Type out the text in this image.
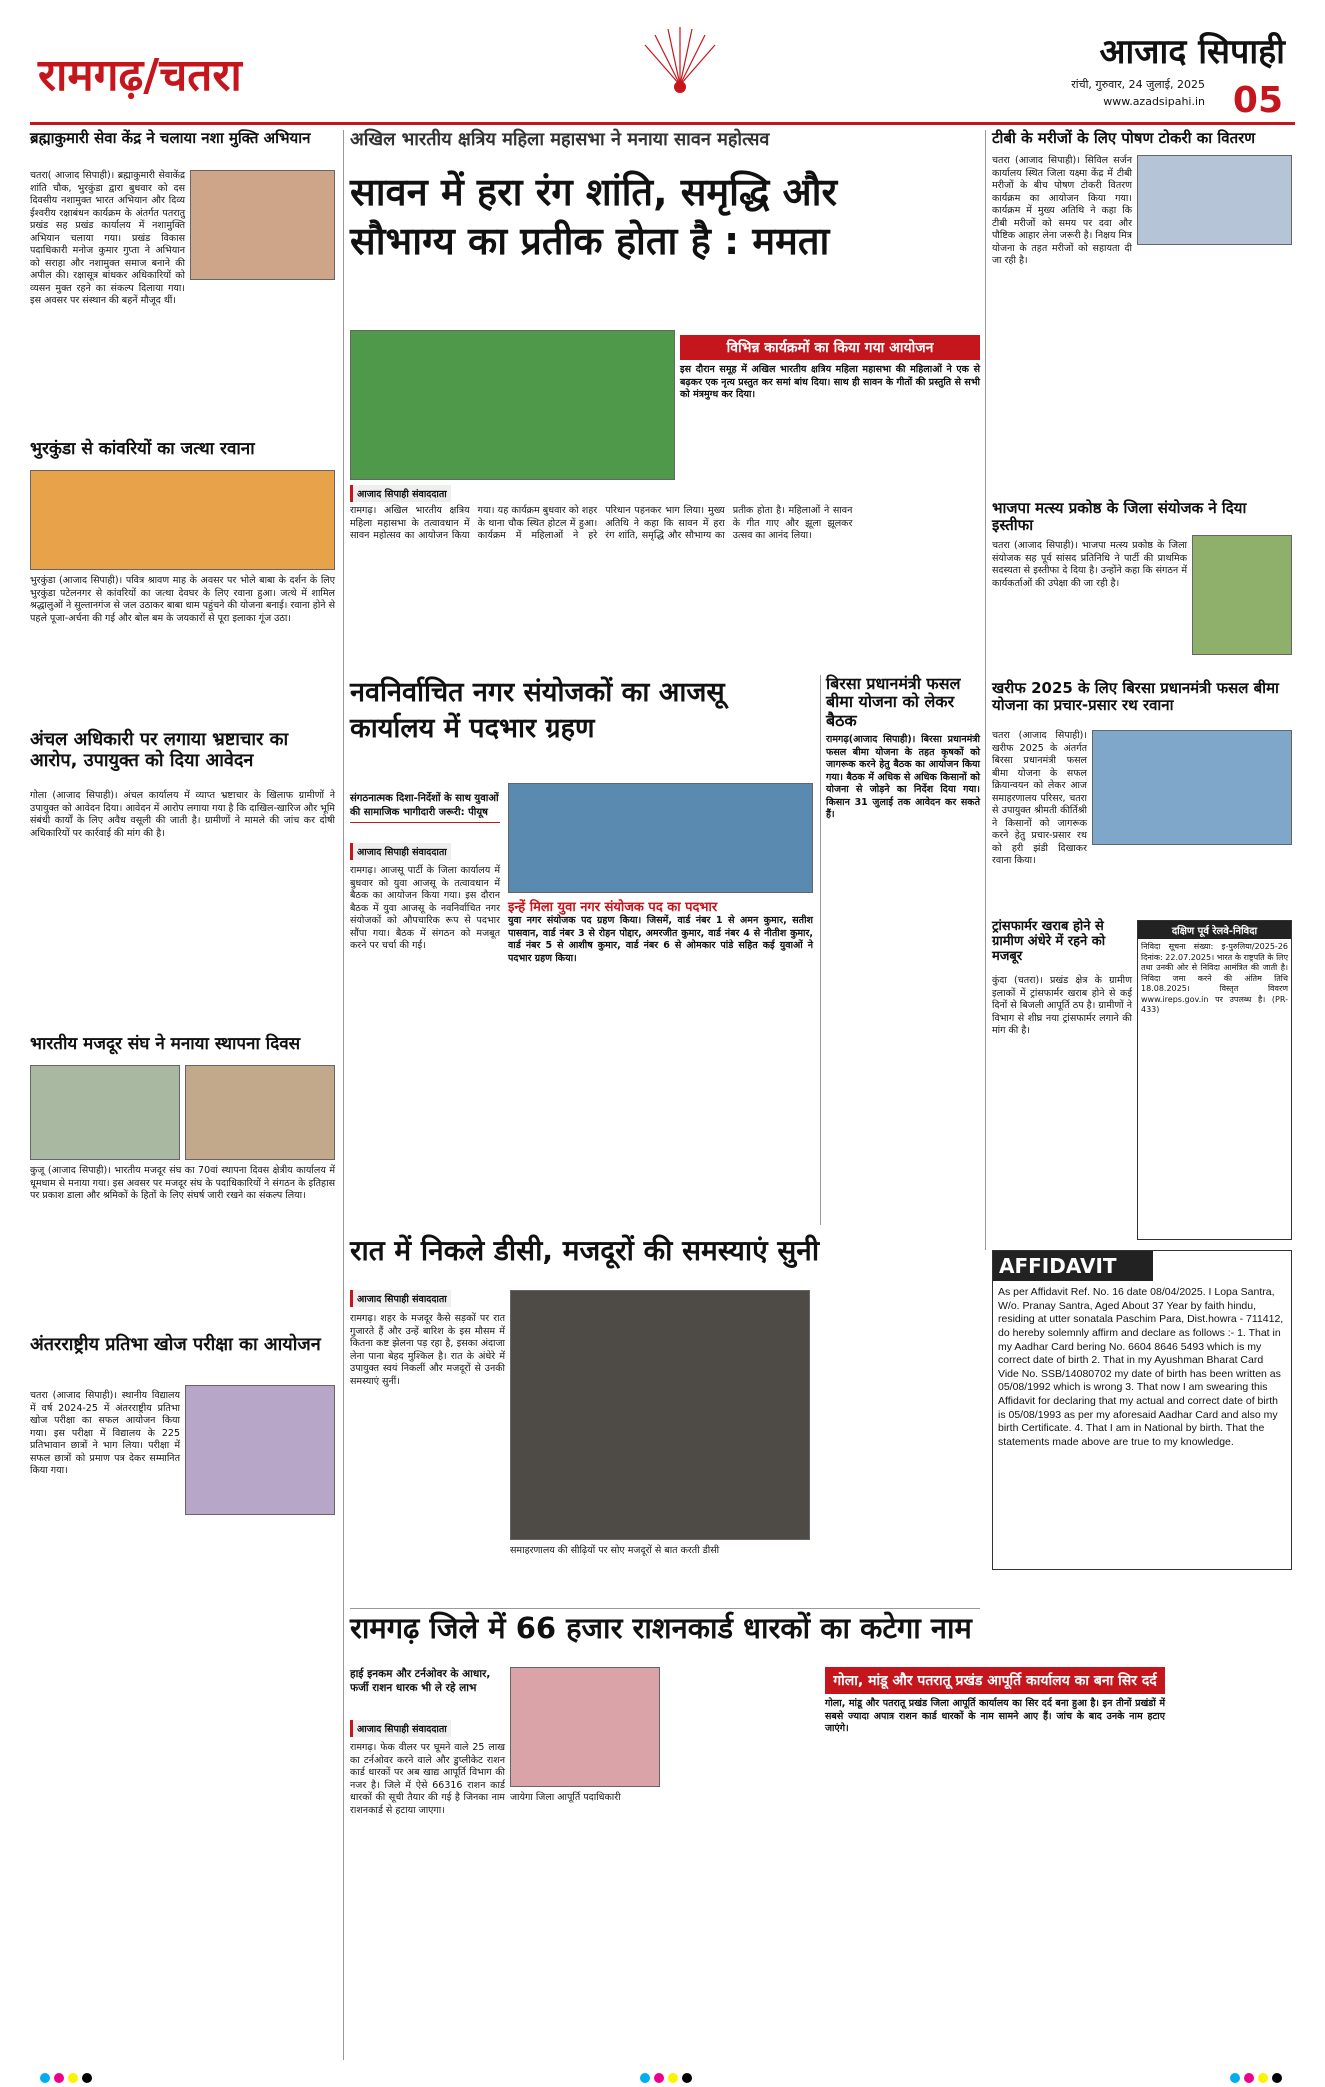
रामगढ़/चतरा	आजाद सिपाही
रांची, गुरुवार, 24 जुलाई, 2025
www.azadsipahi.in 05
ब्रह्माकुमारी सेवा केंद्र ने चलाया नशा मुक्ति अभियान
चतरा( आजाद सिपाही)। ब्रह्माकुमारी सेवाकेंद्र शांति चौक, भुरकुंडा द्वारा बुधवार को दस दिवसीय नशामुक्त भारत अभियान और दिव्य ईश्वरीय रक्षाबंधन कार्यक्रम के अंतर्गत पतरातु प्रखंड सह प्रखंड कार्यालय में नशामुक्ति अभियान चलाया गया। प्रखंड विकास पदाधिकारी मनोज कुमार गुप्ता ने अभियान को सराहा और नशामुक्त समाज बनाने की अपील की। रक्षासूत्र बांधकर अधिकारियों को व्यसन मुक्त रहने का संकल्प दिलाया गया। इस अवसर पर संस्थान की बहनें मौजूद थीं।
भुरकुंडा से कांवरियों का जत्था रवाना
भुरकुंडा (आजाद सिपाही)। पवित्र श्रावण माह के अवसर पर भोले बाबा के दर्शन के लिए भुरकुंडा पटेलनगर से कांवरियों का जत्था देवघर के लिए रवाना हुआ। जत्थे में शामिल श्रद्धालुओं ने सुल्तानगंज से जल उठाकर बाबा धाम पहुंचने की योजना बनाई। रवाना होने से पहले पूजा-अर्चना की गई और बोल बम के जयकारों से पूरा इलाका गूंज उठा।
अंचल अधिकारी पर लगाया भ्रष्टाचार का आरोप, उपायुक्त को दिया आवेदन
गोला (आजाद सिपाही)। अंचल कार्यालय में व्याप्त भ्रष्टाचार के खिलाफ ग्रामीणों ने उपायुक्त को आवेदन दिया। आवेदन में आरोप लगाया गया है कि दाखिल-खारिज और भूमि संबंधी कार्यों के लिए अवैध वसूली की जाती है। ग्रामीणों ने मामले की जांच कर दोषी अधिकारियों पर कार्रवाई की मांग की है।
भारतीय मजदूर संघ ने मनाया स्थापना दिवस
कुजू (आजाद सिपाही)। भारतीय मजदूर संघ का 70वां स्थापना दिवस क्षेत्रीय कार्यालय में धूमधाम से मनाया गया। इस अवसर पर मजदूर संघ के पदाधिकारियों ने संगठन के इतिहास पर प्रकाश डाला और श्रमिकों के हितों के लिए संघर्ष जारी रखने का संकल्प लिया।
अंतरराष्ट्रीय प्रतिभा खोज परीक्षा का आयोजन
चतरा (आजाद सिपाही)। स्थानीय विद्यालय में वर्ष 2024-25 में अंतरराष्ट्रीय प्रतिभा खोज परीक्षा का सफल आयोजन किया गया। इस परीक्षा में विद्यालय के 225 प्रतिभावान छात्रों ने भाग लिया। परीक्षा में सफल छात्रों को प्रमाण पत्र देकर सम्मानित किया गया।
अखिल भारतीय क्षत्रिय महिला महासभा ने मनाया सावन महोत्सव
सावन में हरा रंग शांति, समृद्धि और सौभाग्य का प्रतीक होता है : ममता
विभिन्न कार्यक्रमों का किया गया आयोजन
इस दौरान समूह में अखिल भारतीय क्षत्रिय महिला महासभा की महिलाओं ने एक से बढ़कर एक नृत्य प्रस्तुत कर समां बांध दिया। साथ ही सावन के गीतों की प्रस्तुति से सभी को मंत्रमुग्ध कर दिया।
आजाद सिपाही संवाददाता
रामगढ़। अखिल भारतीय क्षत्रिय महिला महासभा के तत्वावधान में सावन महोत्सव का आयोजन किया गया। यह कार्यक्रम बुधवार को शहर के थाना चौक स्थित होटल में हुआ। कार्यक्रम में महिलाओं ने हरे परिधान पहनकर भाग लिया। मुख्य अतिथि ने कहा कि सावन में हरा रंग शांति, समृद्धि और सौभाग्य का प्रतीक होता है। महिलाओं ने सावन के गीत गाए और झूला झूलकर उत्सव का आनंद लिया।
नवनिर्वाचित नगर संयोजकों का आजसू कार्यालय में पदभार ग्रहण
संगठनात्मक दिशा-निर्देशों के साथ युवाओं की सामाजिक भागीदारी जरूरी: पीयूष
आजाद सिपाही संवाददाता
रामगढ़। आजसू पार्टी के जिला कार्यालय में बुधवार को युवा आजसू के तत्वावधान में बैठक का आयोजन किया गया। इस दौरान बैठक में युवा आजसू के नवनिर्वाचित नगर संयोजकों को औपचारिक रूप से पदभार सौंपा गया। बैठक में संगठन को मजबूत करने पर चर्चा की गई।
इन्हें मिला युवा नगर संयोजक पद का पदभार
युवा नगर संयोजक पद ग्रहण किया। जिसमें, वार्ड नंबर 1 से अमन कुमार, सतीश पासवान, वार्ड नंबर 3 से रोहन पोद्दार, अमरजीत कुमार, वार्ड नंबर 4 से नीतीश कुमार, वार्ड नंबर 5 से आशीष कुमार, वार्ड नंबर 6 से ओमकार पांडे सहित कई युवाओं ने पदभार ग्रहण किया।
बिरसा प्रधानमंत्री फसल बीमा योजना को लेकर बैठक
रामगढ़(आजाद सिपाही)। बिरसा प्रधानमंत्री फसल बीमा योजना के तहत कृषकों को जागरूक करने हेतु बैठक का आयोजन किया गया। बैठक में अधिक से अधिक किसानों को योजना से जोड़ने का निर्देश दिया गया। किसान 31 जुलाई तक आवेदन कर सकते हैं।
रात में निकले डीसी, मजदूरों की समस्याएं सुनी
आजाद सिपाही संवाददाता
रामगढ़। शहर के मजदूर कैसे सड़कों पर रात गुजारते हैं और उन्हें बारिश के इस मौसम में कितना कष्ट झेलना पड़ रहा है, इसका अंदाजा लेना पाना बेहद मुश्किल है। रात के अंधेरे में उपायुक्त स्वयं निकलीं और मजदूरों से उनकी समस्याएं सुनीं।
समाहरणालय की सीढ़ियों पर सोए मजदूरों से बात करती डीसी
रामगढ़ जिले में 66 हजार राशनकार्ड धारकों का कटेगा नाम
हाई इनकम और टर्नओवर के आधार, फर्जी राशन धारक भी ले रहे लाभ
आजाद सिपाही संवाददाता
रामगढ़। फेक वीलर पर घूमने वाले 25 लाख का टर्नओवर करने वाले और डुप्लीकेट राशन कार्ड धारकों पर अब खाद्य आपूर्ति विभाग की नजर है। जिले में ऐसे 66316 राशन कार्ड धारकों की सूची तैयार की गई है जिनका नाम राशनकार्ड से हटाया जाएगा।
जायेगा जिला आपूर्ति पदाधिकारी
गोला, मांडू और पतरातू प्रखंड आपूर्ति कार्यालय का बना सिर दर्द
गोला, मांडू और पतरातू प्रखंड जिला आपूर्ति कार्यालय का सिर दर्द बना हुआ है। इन तीनों प्रखंडों में सबसे ज्यादा अपात्र राशन कार्ड धारकों के नाम सामने आए हैं। जांच के बाद उनके नाम हटाए जाएंगे।
टीबी के मरीजों के लिए पोषण टोकरी का वितरण
चतरा (आजाद सिपाही)। सिविल सर्जन कार्यालय स्थित जिला यक्ष्मा केंद्र में टीबी मरीजों के बीच पोषण टोकरी वितरण कार्यक्रम का आयोजन किया गया। कार्यक्रम में मुख्य अतिथि ने कहा कि टीबी मरीजों को समय पर दवा और पौष्टिक आहार लेना जरूरी है। निक्षय मित्र योजना के तहत मरीजों को सहायता दी जा रही है।
भाजपा मत्स्य प्रकोष्ठ के जिला संयोजक ने दिया इस्तीफा
चतरा (आजाद सिपाही)। भाजपा मत्स्य प्रकोष्ठ के जिला संयोजक सह पूर्व सांसद प्रतिनिधि ने पार्टी की प्राथमिक सदस्यता से इस्तीफा दे दिया है। उन्होंने कहा कि संगठन में कार्यकर्ताओं की उपेक्षा की जा रही है।
खरीफ 2025 के लिए बिरसा प्रधानमंत्री फसल बीमा योजना का प्रचार-प्रसार रथ रवाना
चतरा (आजाद सिपाही)। खरीफ 2025 के अंतर्गत बिरसा प्रधानमंत्री फसल बीमा योजना के सफल क्रियान्वयन को लेकर आज समाहरणालय परिसर, चतरा से उपायुक्त श्रीमती कीर्तिश्री ने किसानों को जागरूक करने हेतु प्रचार-प्रसार रथ को हरी झंडी दिखाकर रवाना किया।
ट्रांसफार्मर खराब होने से ग्रामीण अंधेरे में रहने को मजबूर
कुंदा (चतरा)। प्रखंड क्षेत्र के ग्रामीण इलाकों में ट्रांसफार्मर खराब होने से कई दिनों से बिजली आपूर्ति ठप है। ग्रामीणों ने विभाग से शीघ्र नया ट्रांसफार्मर लगाने की मांग की है।
दक्षिण पूर्व रेलवे-निविदा
निविदा सूचना संख्या: इ-पुरुलिया/2025-26 दिनांक: 22.07.2025। भारत के राष्ट्रपति के लिए तथा उनकी ओर से निविदा आमंत्रित की जाती है। निविदा जमा करने की अंतिम तिथि 18.08.2025। विस्तृत विवरण www.ireps.gov.in पर उपलब्ध है। (PR-433)
AFFIDAVIT
As per Affidavit Ref. No. 16 date 08/04/2025. I Lopa Santra, W/o. Pranay Santra, Aged About 37 Year by faith hindu, residing at utter sonatala Paschim Para, Dist.howra - 711412, do hereby solemnly affirm and declare as follows :- 1. That in my Aadhar Card bering No. 6604 8646 5493 which is my correct date of birth 2. That in my Ayushman Bharat Card Vide No. SSB/14080702 my date of birth has been written as 05/08/1992 which is wrong 3. That now I am swearing this Affidavit for declaring that my actual and correct date of birth is 05/08/1993 as per my aforesaid Aadhar Card and also my birth Certificate. 4. That I am in National by birth. That the statements made above are true to my knowledge.
